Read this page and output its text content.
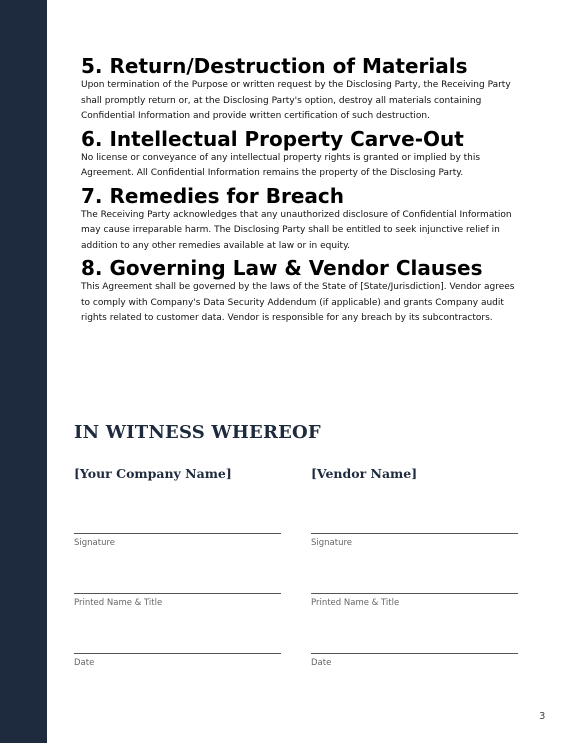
5. Return/Destruction of Materials

Upon termination of the Purpose or written request by the Disclosing Party, the Receiving Party shall promptly return or, at the Disclosing Party's option, destroy all materials containing Confidential Information and provide written certification of such destruction.

6. Intellectual Property Carve-Out

No license or conveyance of any intellectual property rights is granted or implied by this Agreement. All Confidential Information remains the property of the Disclosing Party.

7. Remedies for Breach

The Receiving Party acknowledges that any unauthorized disclosure of Confidential Information may cause irreparable harm. The Disclosing Party shall be entitled to seek injunctive relief in addition to any other remedies available at law or in equity.

8. Governing Law & Vendor Clauses

This Agreement shall be governed by the laws of the State of [State/Jurisdiction]. Vendor agrees to comply with Company's Data Security Addendum (if applicable) and grants Company audit rights related to customer data. Vendor is responsible for any breach by its subcontractors.

IN WITNESS WHEREOF
[Your Company Name]
Signature
Printed Name & Title
Date
[Vendor Name]
Signature
Printed Name & Title
Date
3
